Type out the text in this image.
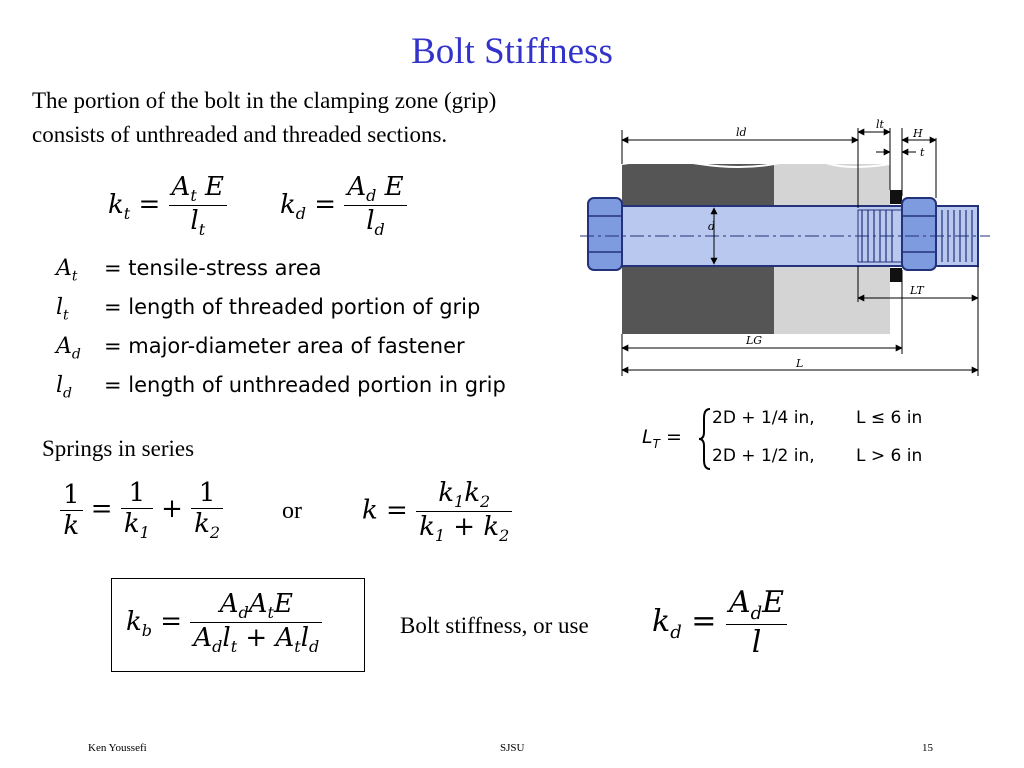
Bolt Stiffness
The portion of the bolt in the clamping zone (grip)
consists of unthreaded and threaded sections.
$k_t = \frac{A_t E}{l_t} k_d = \frac{A_d E}{l_d}$
$A_t$ = tensile-stress area
$l_t$ = length of threaded portion of grip
$A_d$ = major-diameter area of fastener
$l_d$ = length of unthreaded portion in grip
Springs in series
$\frac{1}{k} = \frac{1}{k_1} + \frac{1}{k_2}$ or $k = \frac{k_1k_2}{k_1 + k_2}$
$k_b = \frac{A_dA_tE}{A_dl_t + A_tl_d}$	Bolt stiffness, or use $k_d = \frac{A_dE}{l}$
$L_T$ =
2D + 1/4 in, L ≤ 6 in
2D + 1/2 in, L > 6 in
d
ld
lt
H
t
LT
LG
L
Ken Youssefi	SJSU	15
